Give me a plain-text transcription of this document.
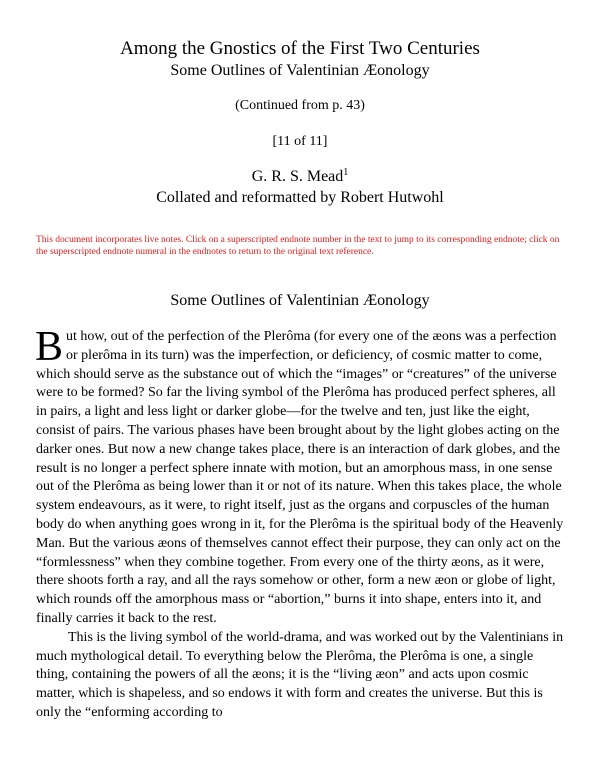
Among the Gnostics of the First Two Centuries
Some Outlines of Valentinian Æonology
(Continued from p. 43)
[11 of 11]
G. R. S. Mead$^1$
Collated and reformatted by Robert Hutwohl
This document incorporates live notes. Click on a superscripted endnote number in the text to jump to its corresponding endnote; click on the superscripted endnote numeral in the endnotes to return to the original text reference.
Some Outlines of Valentinian Æonology

But how, out of the perfection of the Plerôma (for every one of the æons was a perfection or plerôma in its turn) was the imperfection, or deficiency, of cosmic matter to come, which should serve as the substance out of which the “images” or “creatures” of the universe were to be formed? So far the living symbol of the Plerôma has produced perfect spheres, all in pairs, a light and less light or darker globe—for the twelve and ten, just like the eight, consist of pairs. The various phases have been brought about by the light globes acting on the darker ones. But now a new change takes place, there is an interaction of dark globes, and the result is no longer a perfect sphere innate with motion, but an amorphous mass, in one sense out of the Plerôma as being lower than it or not of its nature. When this takes place, the whole system endeavours, as it were, to right itself, just as the organs and corpuscles of the human body do when anything goes wrong in it, for the Plerôma is the spiritual body of the Heavenly Man. But the various æons of themselves cannot effect their purpose, they can only act on the “formlessness” when they combine together. From every one of the thirty æons, as it were, there shoots forth a ray, and all the rays somehow or other, form a new æon or globe of light, which rounds off the amorphous mass or “abortion,” burns it into shape, enters into it, and finally carries it back to the rest.

This is the living symbol of the world-drama, and was worked out by the Valentinians in much mythological detail. To everything below the Plerôma, the Plerôma is one, a single thing, containing the powers of all the æons; it is the “living æon” and acts upon cosmic matter, which is shapeless, and so endows it with form and creates the universe. But this is only the “enforming according to
